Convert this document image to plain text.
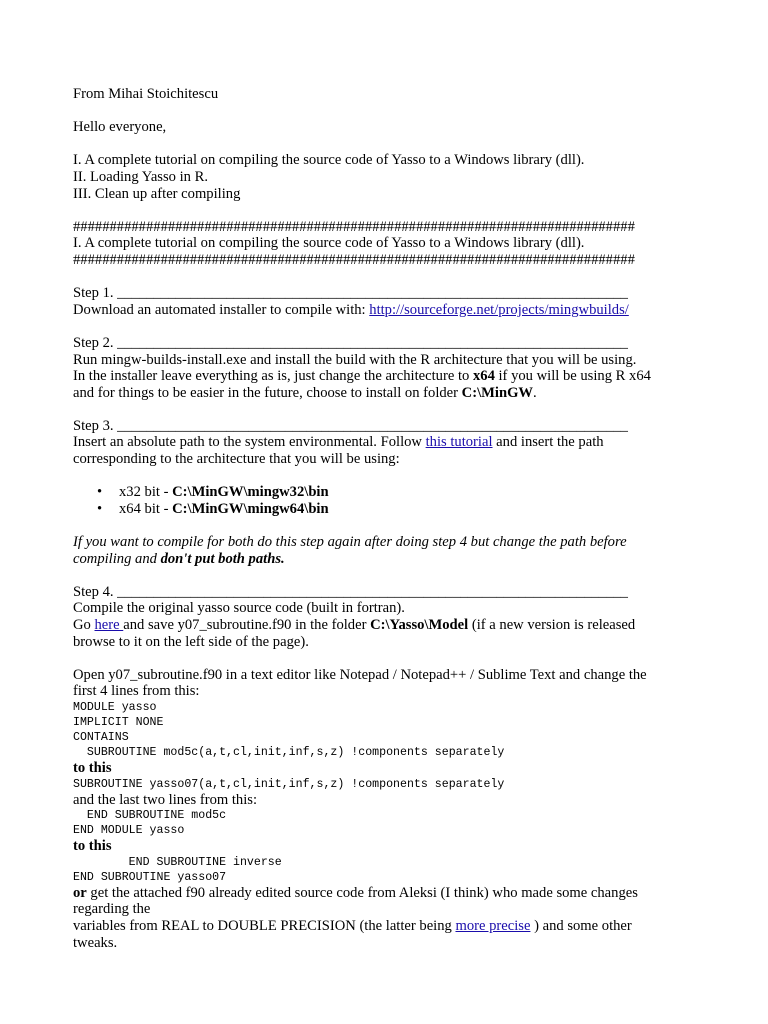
From Mihai Stoichitescu

Hello everyone,

I. A complete tutorial on compiling the source code of Yasso to a Windows library (dll).

II. Loading Yasso in R.

III. Clean up after compiling

#############################################################################

I. A complete tutorial on compiling the source code of Yasso to a Windows library (dll).

#############################################################################

Step 1. ______________________________________________________________________

Download an automated installer to compile with: http://sourceforge.net/projects/mingwbuilds/

Step 2. ______________________________________________________________________

Run mingw-builds-install.exe and install the build with the R architecture that you will be using.

In the installer leave everything as is, just change the architecture to x64 if you will be using R x64

and for things to be easier in the future, choose to install on folder C:\MinGW.

Step 3. ______________________________________________________________________

Insert an absolute path to the system environmental. Follow this tutorial and insert the path

corresponding to the architecture that you will be using:

• x32 bit - C:\MinGW\mingw32\bin
• x64 bit - C:\MinGW\mingw64\bin

If you want to compile for both do this step again after doing step 4 but change the path before

compiling and don't put both paths.

Step 4. ______________________________________________________________________

Compile the original yasso source code (built in fortran).

Go here and save y07_subroutine.f90 in the folder C:\Yasso\Model (if a new version is released

browse to it on the left side of the page).

Open y07_subroutine.f90 in a text editor like Notepad / Notepad++ / Sublime Text and change the

first 4 lines from this:

MODULE yasso
IMPLICIT NONE
CONTAINS
SUBROUTINE mod5c(a,t,cl,init,inf,s,z) !components separately

to this

SUBROUTINE yasso07(a,t,cl,init,inf,s,z) !components separately

and the last two lines from this:

END SUBROUTINE mod5c
END MODULE yasso

to this

END SUBROUTINE inverse
END SUBROUTINE yasso07

or get the attached f90 already edited source code from Aleksi (I think) who made some changes

regarding the

variables from REAL to DOUBLE PRECISION (the latter being more precise ) and some other

tweaks.
